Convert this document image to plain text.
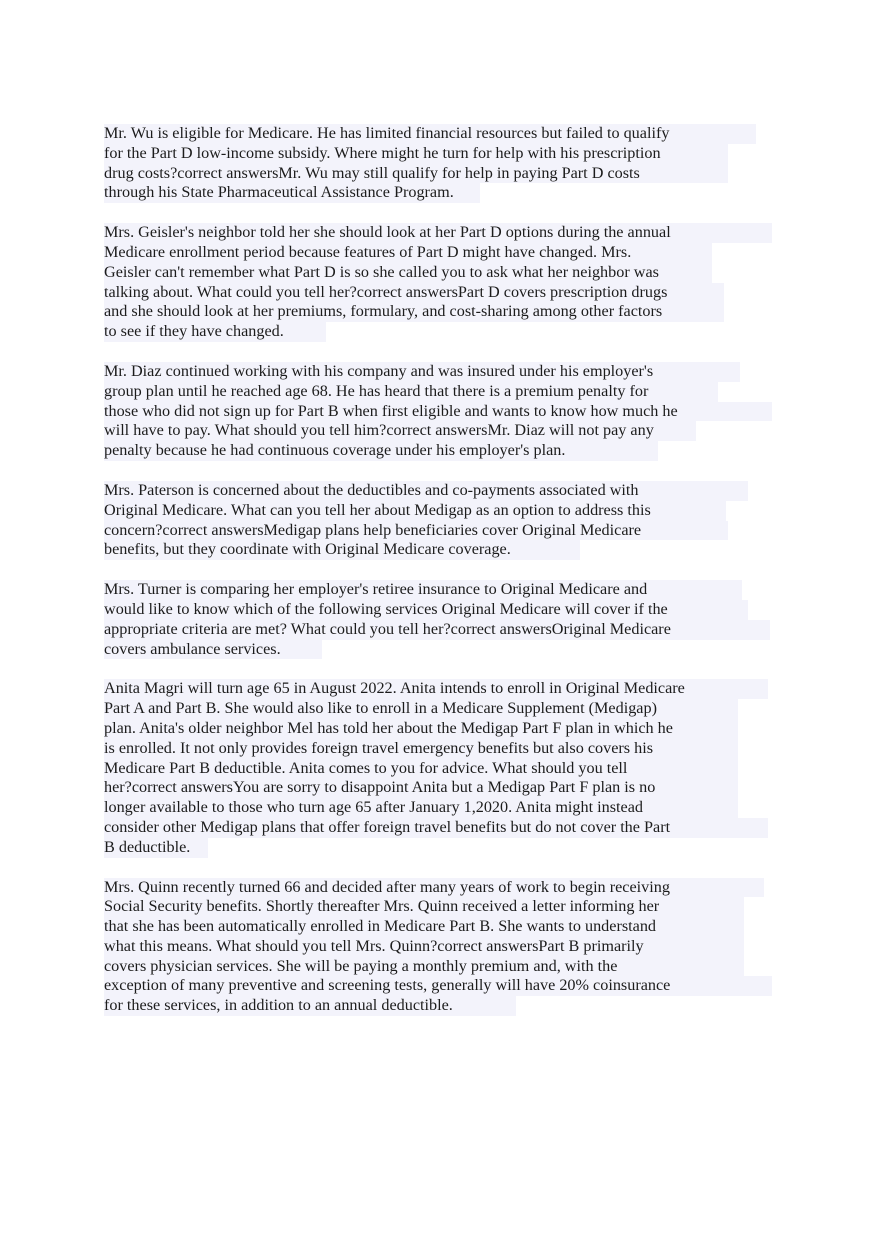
Mr. Wu is eligible for Medicare. He has limited financial resources but failed to qualify
for the Part D low-income subsidy. Where might he turn for help with his prescription
drug costs?correct answersMr. Wu may still qualify for help in paying Part D costs
through his State Pharmaceutical Assistance Program.
Mrs. Geisler's neighbor told her she should look at her Part D options during the annual
Medicare enrollment period because features of Part D might have changed. Mrs.
Geisler can't remember what Part D is so she called you to ask what her neighbor was
talking about. What could you tell her?correct answersPart D covers prescription drugs
and she should look at her premiums, formulary, and cost-sharing among other factors
to see if they have changed.
Mr. Diaz continued working with his company and was insured under his employer's
group plan until he reached age 68. He has heard that there is a premium penalty for
those who did not sign up for Part B when first eligible and wants to know how much he
will have to pay. What should you tell him?correct answersMr. Diaz will not pay any
penalty because he had continuous coverage under his employer's plan.
Mrs. Paterson is concerned about the deductibles and co-payments associated with
Original Medicare. What can you tell her about Medigap as an option to address this
concern?correct answersMedigap plans help beneficiaries cover Original Medicare
benefits, but they coordinate with Original Medicare coverage.
Mrs. Turner is comparing her employer's retiree insurance to Original Medicare and
would like to know which of the following services Original Medicare will cover if the
appropriate criteria are met? What could you tell her?correct answersOriginal Medicare
covers ambulance services.
Anita Magri will turn age 65 in August 2022. Anita intends to enroll in Original Medicare
Part A and Part B. She would also like to enroll in a Medicare Supplement (Medigap)
plan. Anita's older neighbor Mel has told her about the Medigap Part F plan in which he
is enrolled. It not only provides foreign travel emergency benefits but also covers his
Medicare Part B deductible. Anita comes to you for advice. What should you tell
her?correct answersYou are sorry to disappoint Anita but a Medigap Part F plan is no
longer available to those who turn age 65 after January 1,2020. Anita might instead
consider other Medigap plans that offer foreign travel benefits but do not cover the Part
B deductible.
Mrs. Quinn recently turned 66 and decided after many years of work to begin receiving
Social Security benefits. Shortly thereafter Mrs. Quinn received a letter informing her
that she has been automatically enrolled in Medicare Part B. She wants to understand
what this means. What should you tell Mrs. Quinn?correct answersPart B primarily
covers physician services. She will be paying a monthly premium and, with the
exception of many preventive and screening tests, generally will have 20% coinsurance
for these services, in addition to an annual deductible.
